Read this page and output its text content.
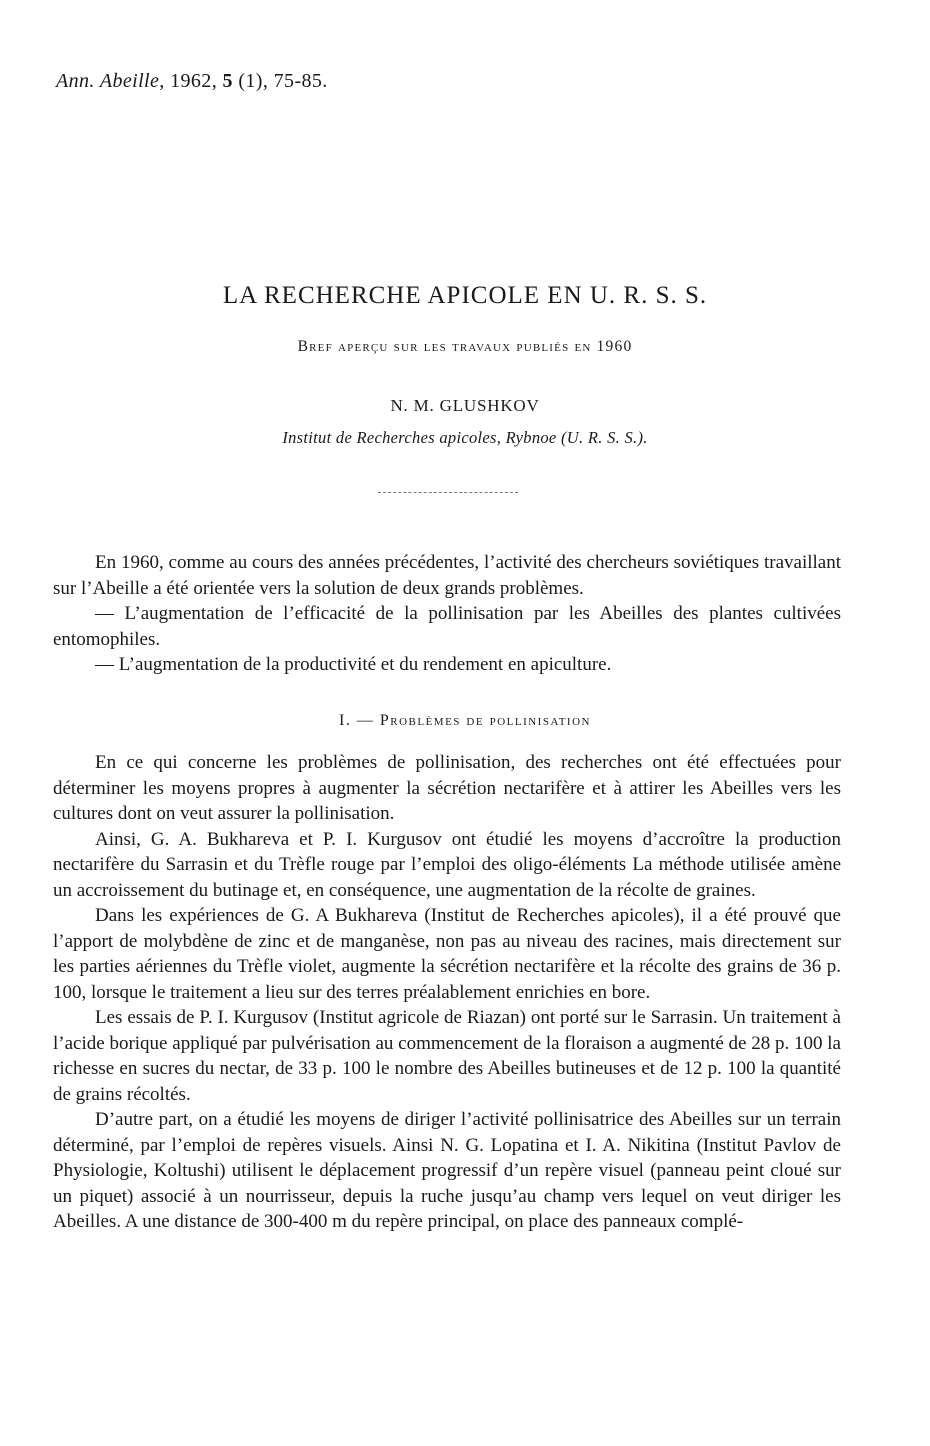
Ann. Abeille, 1962, 5 (1), 75-85.
LA RECHERCHE APICOLE EN U. R. S. S.
Bref aperçu sur les travaux publiés en 1960
N. M. GLUSHKOV
Institut de Recherches apicoles, Rybnoe (U. R. S. S.).

En 1960, comme au cours des années précédentes, l’activité des chercheurs soviétiques travaillant sur l’Abeille a été orientée vers la solution de deux grands problèmes.

— L’augmentation de l’efficacité de la pollinisation par les Abeilles des plantes cultivées entomophiles.

— L’augmentation de la productivité et du rendement en apiculture.

I. — Problèmes de pollinisation

En ce qui concerne les problèmes de pollinisation, des recherches ont été effectuées pour déterminer les moyens propres à augmenter la sécrétion nectarifère et à attirer les Abeilles vers les cultures dont on veut assurer la pollinisation.

Ainsi, G. A. Bukhareva et P. I. Kurgusov ont étudié les moyens d’accroître la production nectarifère du Sarrasin et du Trèfle rouge par l’emploi des oligo-éléments La méthode utilisée amène un accroissement du butinage et, en conséquence, une augmentation de la récolte de graines.

Dans les expériences de G. A Bukhareva (Institut de Recherches apicoles), il a été prouvé que l’apport de molybdène de zinc et de manganèse, non pas au niveau des racines, mais directement sur les parties aériennes du Trèfle violet, augmente la sécrétion nectarifère et la récolte des grains de 36 p. 100, lorsque le traitement a lieu sur des terres préalablement enrichies en bore.

Les essais de P. I. Kurgusov (Institut agricole de Riazan) ont porté sur le Sarrasin. Un traitement à l’acide borique appliqué par pulvérisation au commencement de la floraison a augmenté de 28 p. 100 la richesse en sucres du nectar, de 33 p. 100 le nombre des Abeilles butineuses et de 12 p. 100 la quantité de grains récoltés.

D’autre part, on a étudié les moyens de diriger l’activité pollinisatrice des Abeilles sur un terrain déterminé, par l’emploi de repères visuels. Ainsi N. G. Lopatina et I. A. Nikitina (Institut Pavlov de Physiologie, Koltushi) utilisent le déplacement progressif d’un repère visuel (panneau peint cloué sur un piquet) associé à un nourrisseur, depuis la ruche jusqu’au champ vers lequel on veut diriger les Abeilles. A une distance de 300-400 m du repère principal, on place des panneaux complé-
